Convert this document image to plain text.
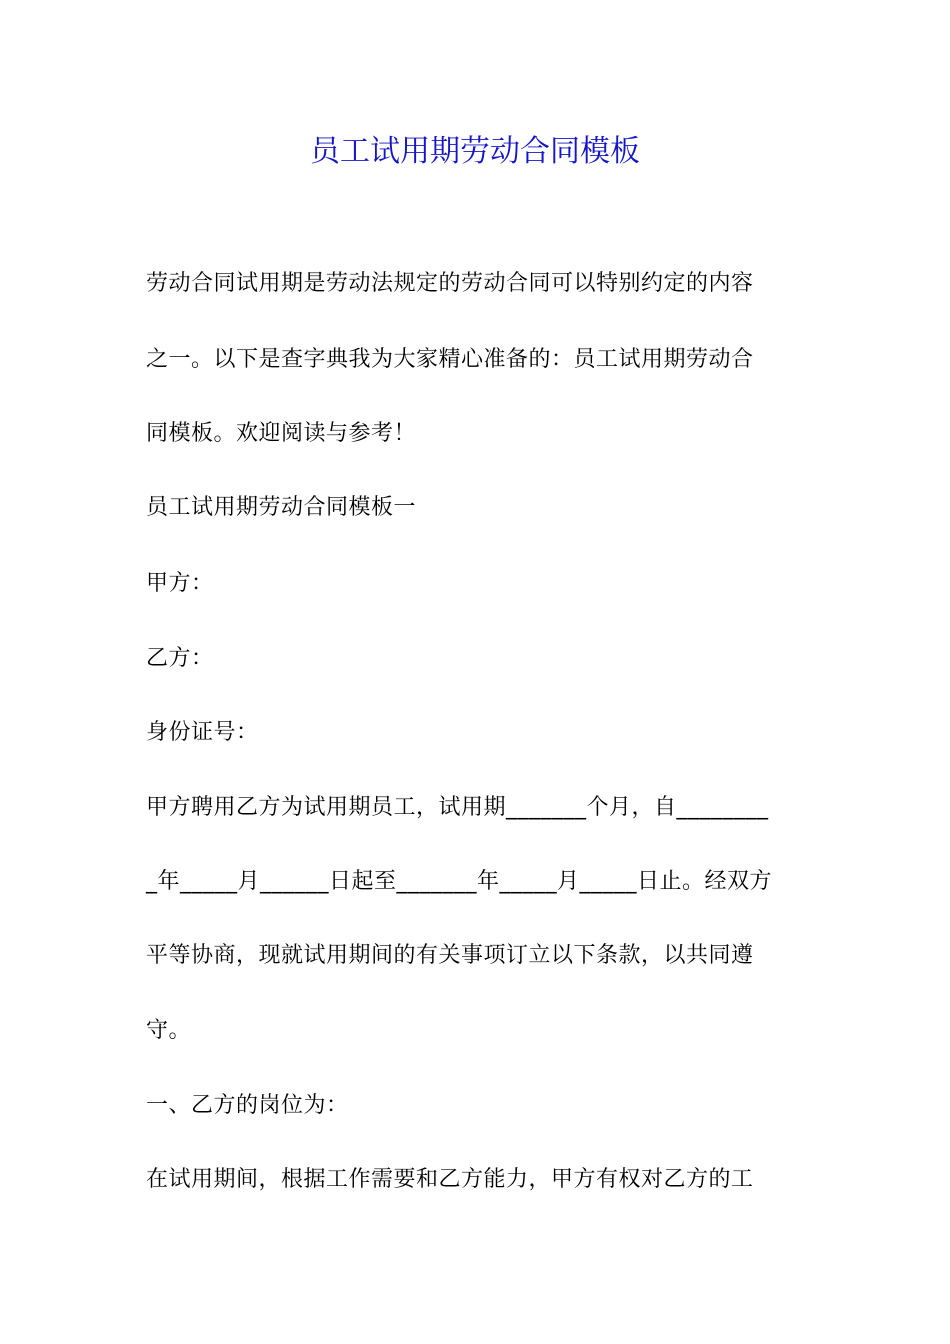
员工试用期劳动合同模板
劳动合同试用期是劳动法规定的劳动合同可以特别约定的内容
之一。以下是查字典我为大家精心准备的：员工试用期劳动合
同模板。欢迎阅读与参考！
员工试用期劳动合同模板一
甲方：
乙方：
身份证号：
甲方聘用乙方为试用期员工，试用期_______个月，自________
_年_____月______日起至_______年_____月_____日止。经双方
平等协商，现就试用期间的有关事项订立以下条款，以共同遵
守。
一、乙方的岗位为：
在试用期间，根据工作需要和乙方能力，甲方有权对乙方的工
